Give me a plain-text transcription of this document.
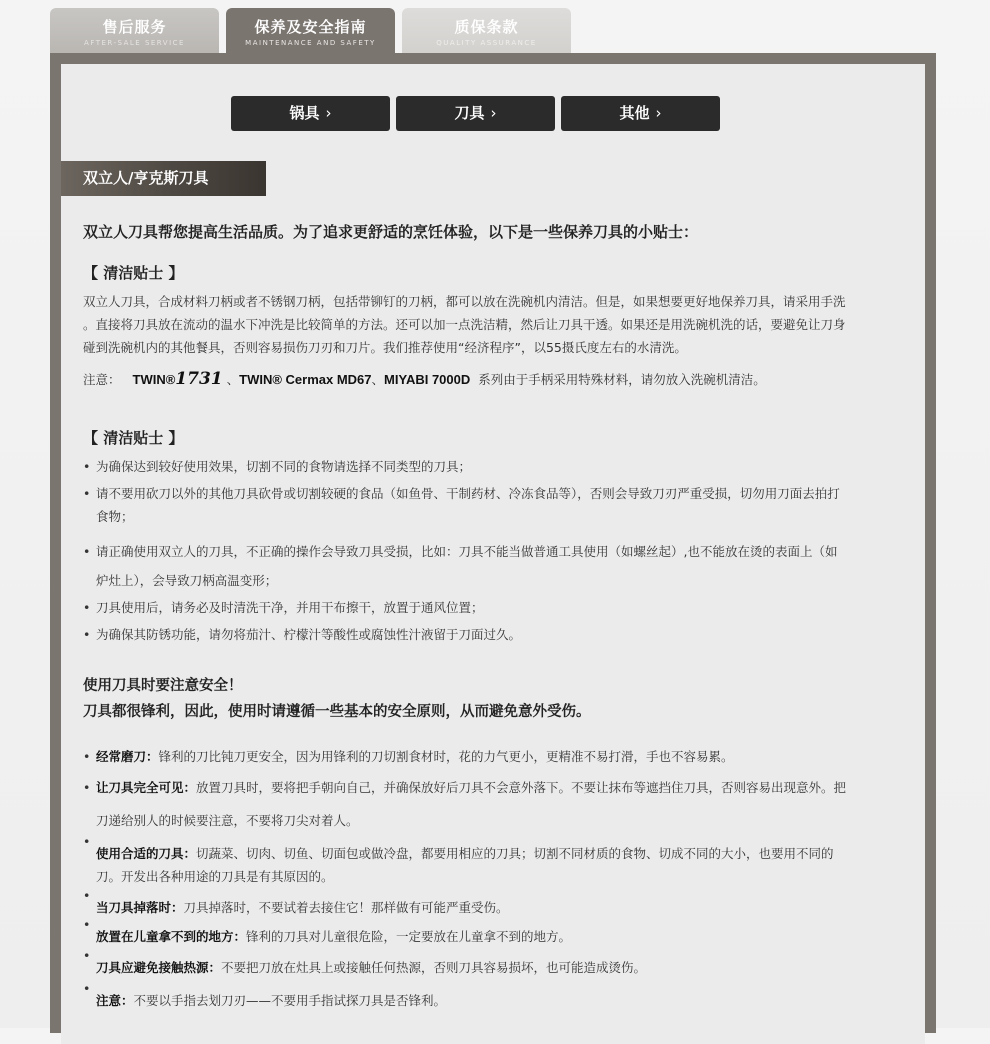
售后服务
AFTER-SALE SERVICE
保养及安全指南
MAINTENANCE AND SAFETY
质保条款
QUALITY ASSURANCE
锅具 ›	刀具 ›	其他 ›
双立人/亨克斯刀具
双立人刀具帮您提高生活品质。为了追求更舒适的烹饪体验，以下是一些保养刀具的小贴士：
【 清洁贴士 】
双立人刀具，合成材料刀柄或者不锈钢刀柄，包括带铆钉的刀柄，都可以放在洗碗机内清洁。但是，如果想要更好地保养刀具，请采用手洗
。直接将刀具放在流动的温水下冲洗是比较简单的方法。还可以加一点洗洁精，然后让刀具干透。如果还是用洗碗机洗的话，要避免让刀身
碰到洗碗机内的其他餐具，否则容易损伤刀刃和刀片。我们推荐使用“经济程序”，以55摄氏度左右的水清洗。
注意： TWIN®1731 、TWIN® Cermax MD67、MIYABI 7000D 系列由于手柄采用特殊材料，请勿放入洗碗机清洁。
【 清洁贴士 】
• 为确保达到较好使用效果，切割不同的食物请选择不同类型的刀具；
• 请不要用砍刀以外的其他刀具砍骨或切割较硬的食品（如鱼骨、干制药材、冷冻食品等），否则会导致刀刃严重受损，切勿用刀面去拍打
食物；
• 请正确使用双立人的刀具，不正确的操作会导致刀具受损，比如：刀具不能当做普通工具使用（如螺丝起）,也不能放在烫的表面上（如
炉灶上），会导致刀柄高温变形；
• 刀具使用后，请务必及时清洗干净，并用干布擦干，放置于通风位置；
• 为确保其防锈功能，请勿将茄汁、柠檬汁等酸性或腐蚀性汁液留于刀面过久。
使用刀具时要注意安全！
刀具都很锋利，因此，使用时请遵循一些基本的安全原则，从而避免意外受伤。
• 经常磨刀：锋利的刀比钝刀更安全，因为用锋利的刀切割食材时，花的力气更小，更精准不易打滑，手也不容易累。
• 让刀具完全可见：放置刀具时，要将把手朝向自己，并确保放好后刀具不会意外落下。不要让抹布等遮挡住刀具，否则容易出现意外。把
刀递给别人的时候要注意，不要将刀尖对着人。
•
使用合适的刀具：切蔬菜、切肉、切鱼、切面包或做冷盘，都要用相应的刀具；切割不同材质的食物、切成不同的大小，也要用不同的
刀。开发出各种用途的刀具是有其原因的。
•
当刀具掉落时：刀具掉落时，不要试着去接住它！那样做有可能严重受伤。
•
放置在儿童拿不到的地方：锋利的刀具对儿童很危险，一定要放在儿童拿不到的地方。
•
刀具应避免接触热源：不要把刀放在灶具上或接触任何热源，否则刀具容易损坏，也可能造成烫伤。
•
注意：不要以手指去划刀刃——不要用手指试探刀具是否锋利。
